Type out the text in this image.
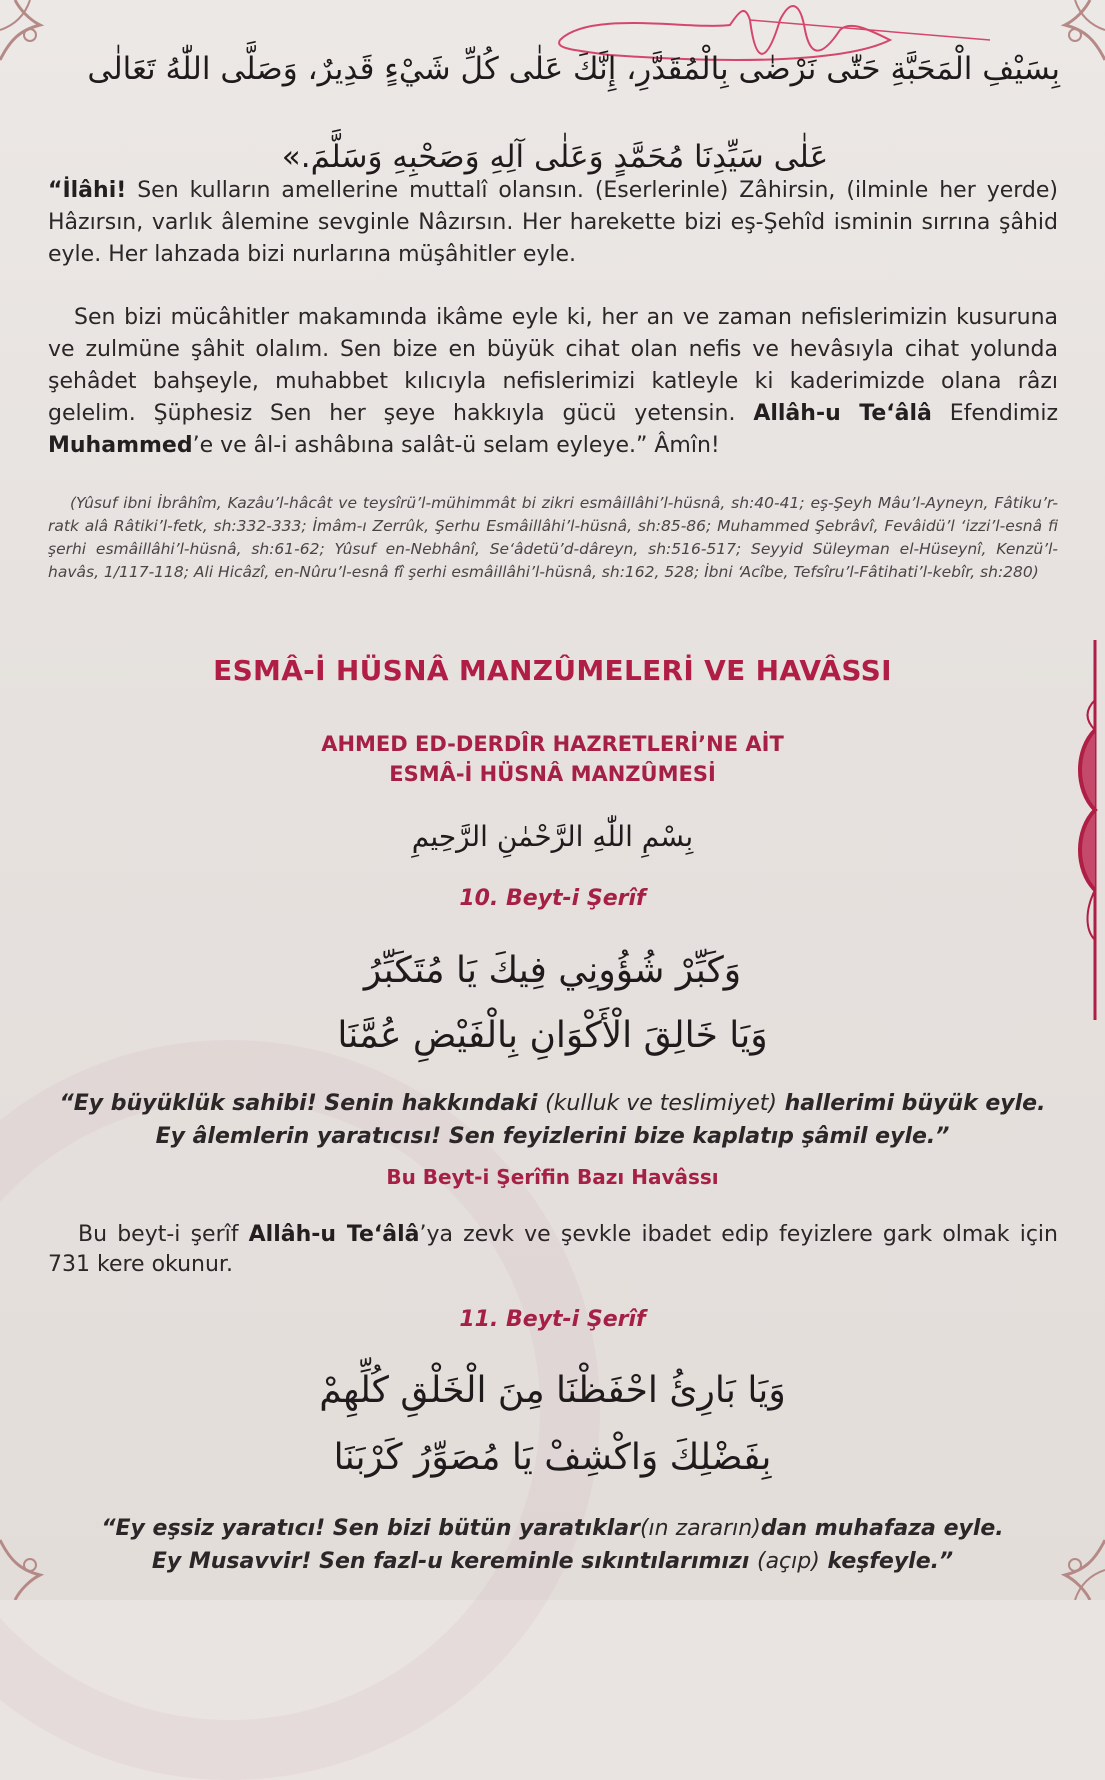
بِسَيْفِ الْمَحَبَّةِ حَتّٰى نَرْضٰى بِالْمُقَدَّرِ، إِنَّكَ عَلٰى كُلِّ شَيْءٍ قَدِيرٌ، وَصَلَّى اللّٰهُ تَعَالٰى
عَلٰى سَيِّدِنَا مُحَمَّدٍ وَعَلٰى آلِهِ وَصَحْبِهِ وَسَلَّمَ.»
“İlâhi! Sen kulların amellerine muttalî olansın. (Eserlerinle) Zâhirsin, (ilminle her yerde) Hâzırsın, varlık âlemine sevginle Nâzırsın. Her harekette bizi eş-Şehîd isminin sırrına şâhid eyle. Her lahzada bizi nurlarına müşâhitler eyle.
Sen bizi mücâhitler makamında ikâme eyle ki, her an ve zaman nefislerimizin kusuruna ve zulmüne şâhit olalım. Sen bize en büyük cihat olan nefis ve hevâsıyla cihat yolunda şehâdet bahşeyle, muhabbet kılıcıyla nefislerimizi katleyle ki kaderimizde olana râzı gelelim. Şüphesiz Sen her şeye hakkıyla gücü yetensin. Allâh-u Te‘âlâ Efendimiz Muhammed’e ve âl-i ashâbına salât-ü selam eyleye.” Âmîn!
(Yûsuf ibni İbrâhîm, Kazâu’l-hâcât ve teysîrü’l-mühimmât bi zikri esmâillâhi’l-hüsnâ, sh:40-41; eş-Şeyh Mâu’l-Ayneyn, Fâtiku’r-ratk alâ Râtiki’l-fetk, sh:332-333; İmâm-ı Zerrûk, Şerhu Esmâillâhi’l-hüsnâ, sh:85-86; Muhammed Şebrâvî, Fevâidü’l ‘izzi’l-esnâ fi şerhi esmâillâhi’l-hüsnâ, sh:61-62; Yûsuf en-Nebhânî, Se‘âdetü’d-dâreyn, sh:516-517; Seyyid Süleyman el-Hüseynî, Kenzü’l-havâs, 1/117-118; Ali Hicâzî, en-Nûru’l-esnâ fî şerhi esmâillâhi’l-hüsnâ, sh:162, 528; İbni ‘Acîbe, Tefsîru’l-Fâtihati’l-kebîr, sh:280)
ESMÂ-İ HÜSNÂ MANZÛMELERİ VE HAVÂSSI
AHMED ED-DERDÎR HAZRETLERİ’NE AİT
ESMÂ-İ HÜSNÂ MANZÛMESİ
بِسْمِ اللّٰهِ الرَّحْمٰنِ الرَّحِيمِ
10. Beyt-i Şerîf
وَكَبِّرْ شُؤُونِي فِيكَ يَا مُتَكَبِّرُ
وَيَا خَالِقَ الْأَكْوَانِ بِالْفَيْضِ عُمَّنَا
“Ey büyüklük sahibi! Senin hakkındaki (kulluk ve teslimiyet) hallerimi büyük eyle.
Ey âlemlerin yaratıcısı! Sen feyizlerini bize kaplatıp şâmil eyle.”
Bu Beyt-i Şerîfin Bazı Havâssı
Bu beyt-i şerîf Allâh-u Te‘âlâ’ya zevk ve şevkle ibadet edip feyizlere gark olmak için 731 kere okunur.
11. Beyt-i Şerîf
وَيَا بَارِئُ احْفَظْنَا مِنَ الْخَلْقِ كُلِّهِمْ
بِفَضْلِكَ وَاكْشِفْ يَا مُصَوِّرُ كَرْبَنَا
“Ey eşsiz yaratıcı! Sen bizi bütün yaratıklar(ın zararın)dan muhafaza eyle.
Ey Musavvir! Sen fazl-u kereminle sıkıntılarımızı (açıp) keşfeyle.”
